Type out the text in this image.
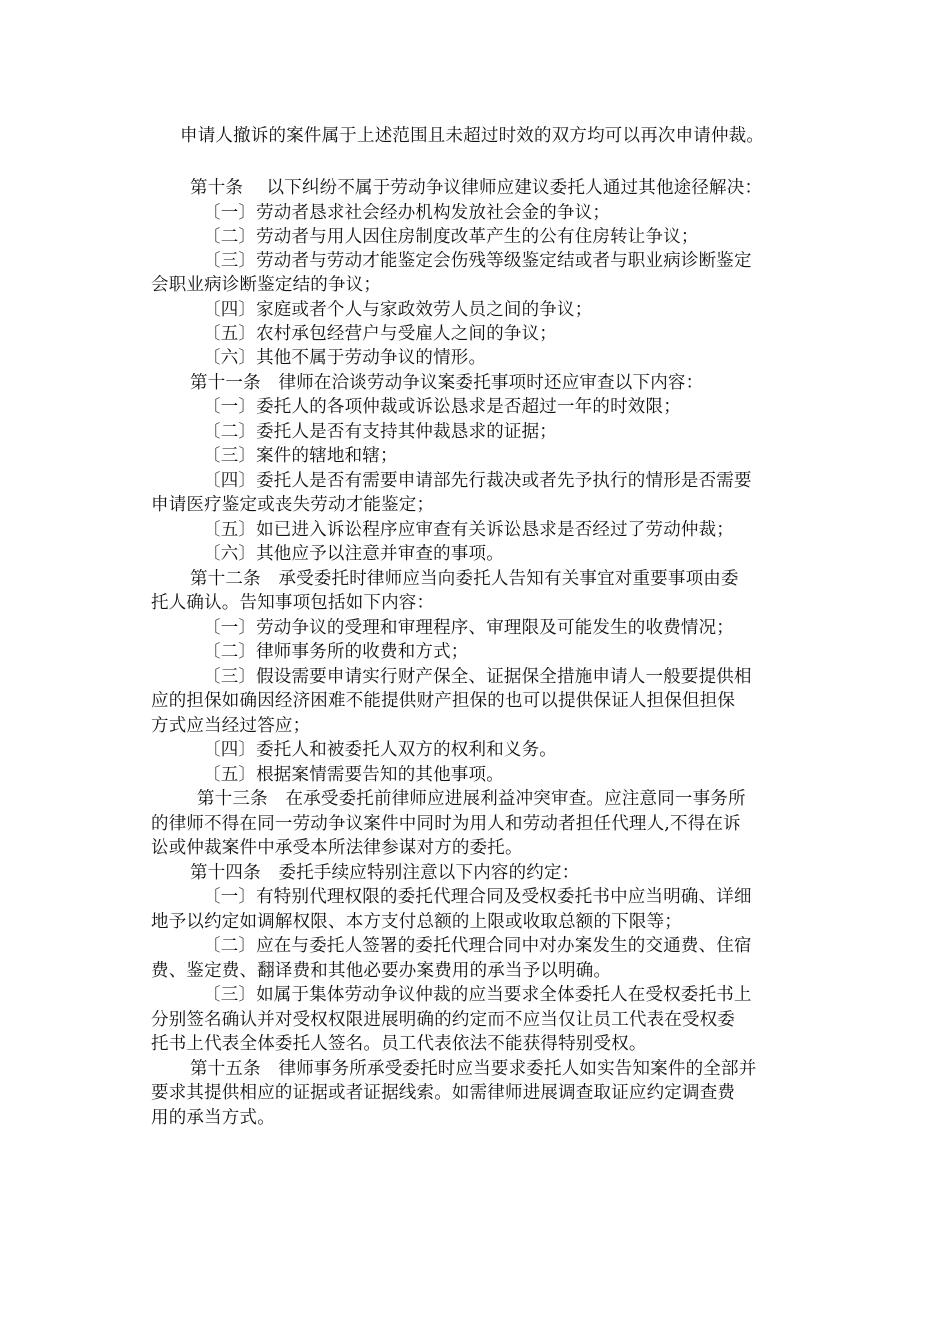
申请人撤诉的案件属于上述范围且未超过时效的双方均可以再次申请仲裁。
第十条　 以下纠纷不属于劳动争议律师应建议委托人通过其他途径解决：
〔一〕劳动者恳求社会经办机构发放社会金的争议；
〔二〕劳动者与用人因住房制度改革产生的公有住房转让争议；
〔三〕劳动者与劳动才能鉴定会伤残等级鉴定结或者与职业病诊断鉴定
会职业病诊断鉴定结的争议；
〔四〕家庭或者个人与家政效劳人员之间的争议；
〔五〕农村承包经营户与受雇人之间的争议；
〔六〕其他不属于劳动争议的情形。
第十一条　律师在洽谈劳动争议案委托事项时还应审查以下内容：
〔一〕委托人的各项仲裁或诉讼恳求是否超过一年的时效限；
〔二〕委托人是否有支持其仲裁恳求的证据；
〔三〕案件的辖地和辖；
〔四〕委托人是否有需要申请部先行裁决或者先予执行的情形是否需要
申请医疗鉴定或丧失劳动才能鉴定；
〔五〕如已进入诉讼程序应审查有关诉讼恳求是否经过了劳动仲裁；
〔六〕其他应予以注意并审查的事项。
第十二条　承受委托时律师应当向委托人告知有关事宜对重要事项由委
托人确认。告知事项包括如下内容：
〔一〕劳动争议的受理和审理程序、审理限及可能发生的收费情况；
〔二〕律师事务所的收费和方式；
〔三〕假设需要申请实行财产保全、证据保全措施申请人一般要提供相
应的担保如确因经济困难不能提供财产担保的也可以提供保证人担保但担保
方式应当经过答应；
〔四〕委托人和被委托人双方的权利和义务。
〔五〕根据案情需要告知的其他事项。
第十三条　在承受委托前律师应进展利益冲突审查。应注意同一事务所
的律师不得在同一劳动争议案件中同时为用人和劳动者担任代理人,不得在诉
讼或仲裁案件中承受本所法律参谋对方的委托。
第十四条　委托手续应特别注意以下内容的约定：
〔一〕有特别代理权限的委托代理合同及受权委托书中应当明确、详细
地予以约定如调解权限、本方支付总额的上限或收取总额的下限等；
〔二〕应在与委托人签署的委托代理合同中对办案发生的交通费、住宿
费、鉴定费、翻译费和其他必要办案费用的承当予以明确。
〔三〕如属于集体劳动争议仲裁的应当要求全体委托人在受权委托书上
分别签名确认并对受权权限进展明确的约定而不应当仅让员工代表在受权委
托书上代表全体委托人签名。员工代表依法不能获得特别受权。
第十五条　律师事务所承受委托时应当要求委托人如实告知案件的全部并
要求其提供相应的证据或者证据线索。如需律师进展调查取证应约定调查费
用的承当方式。
